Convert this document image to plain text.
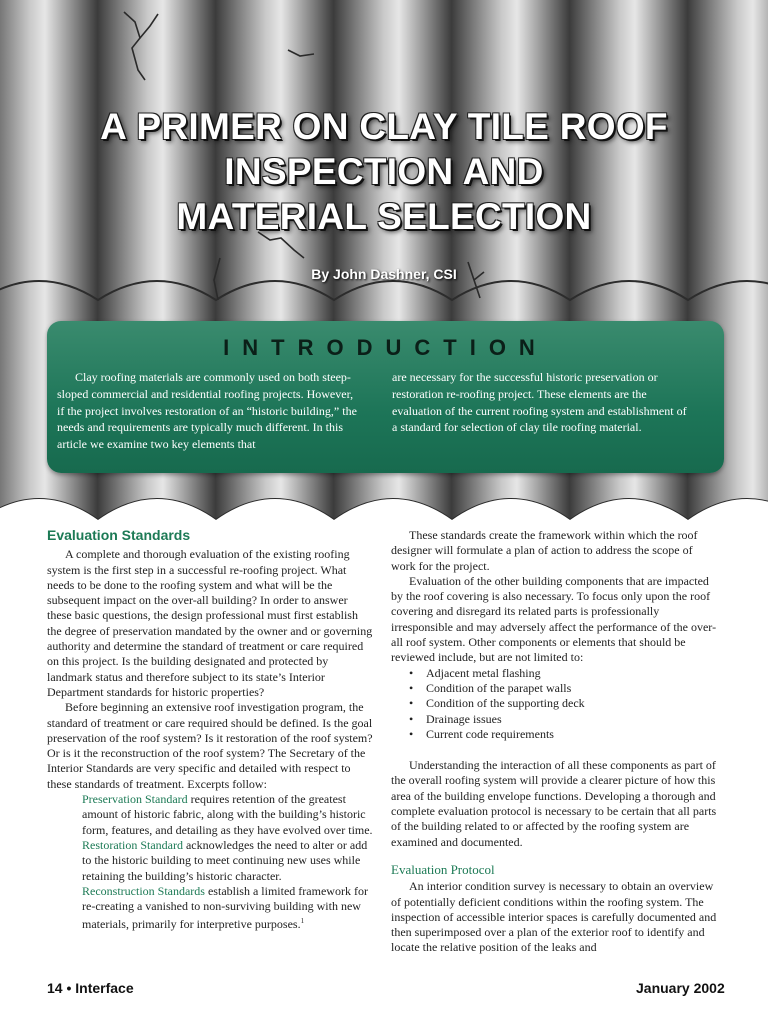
A PRIMER ON CLAY TILE ROOF
INSPECTION AND
MATERIAL SELECTION
By John Dashner, CSI
INTRODUCTION
Clay roofing materials are commonly used on both steep-sloped commercial and residential roofing projects. However, if the project involves restoration of an “historic building,” the needs and requirements are typically much different. In this article we examine two key elements that
are necessary for the successful historic preservation or restoration re-roofing project. These elements are the evaluation of the current roofing system and establishment of a standard for selection of clay tile roofing material.
Evaluation Standards

A complete and thorough evaluation of the existing roofing system is the first step in a successful re-roofing project. What needs to be done to the roofing system and what will be the subsequent impact on the over-all building? In order to answer these basic questions, the design professional must first establish the degree of preservation mandated by the owner and or governing authority and determine the standard of treatment or care required on this project. Is the building designated and protected by landmark status and therefore subject to its state’s Interior Department standards for historic properties?

Before beginning an extensive roof investigation program, the standard of treatment or care required should be defined. Is the goal preservation of the roof system? Is it restoration of the roof system? Or is it the reconstruction of the roof system? The Secretary of the Interior Standards are very specific and detailed with respect to these standards of treatment. Excerpts follow:

Preservation Standard requires retention of the greatest amount of historic fabric, along with the building’s historic form, features, and detailing as they have evolved over time.
Restoration Standard acknowledges the need to alter or add to the historic building to meet continuing new uses while retaining the building’s historic character.
Reconstruction Standards establish a limited framework for re-creating a vanished to non-surviving building with new materials, primarily for interpretive purposes.$^1$

These standards create the framework within which the roof designer will formulate a plan of action to address the scope of work for the project.

Evaluation of the other building components that are impacted by the roof covering is also necessary. To focus only upon the roof covering and disregard its related parts is professionally irresponsible and may adversely affect the performance of the over-all roof system. Other components or elements that should be reviewed include, but are not limited to:

• Adjacent metal flashing
• Condition of the parapet walls
• Condition of the supporting deck
• Drainage issues
• Current code requirements

Understanding the interaction of all these components as part of the overall roofing system will provide a clearer picture of how this area of the building envelope functions. Developing a thorough and complete evaluation protocol is necessary to be certain that all parts of the building related to or affected by the roofing system are examined and documented.

Evaluation Protocol

An interior condition survey is necessary to obtain an overview of potentially deficient conditions within the roofing system. The inspection of accessible interior spaces is carefully documented and then superimposed over a plan of the exterior roof to identify and locate the relative position of the leaks and

14 • Interface	January 2002
